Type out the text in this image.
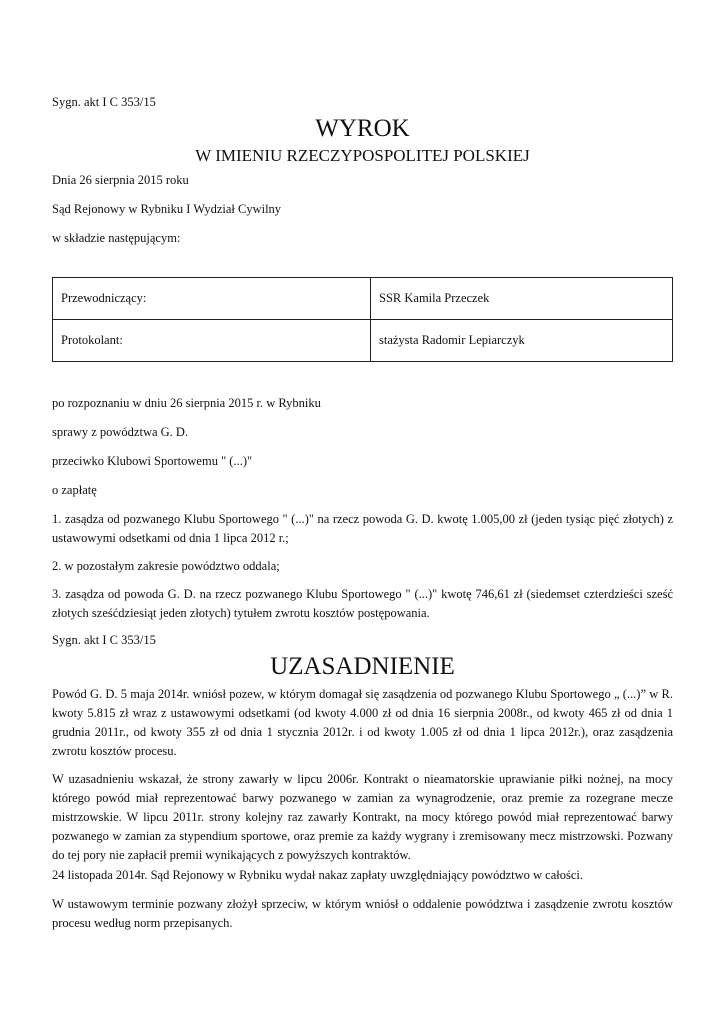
Sygn. akt I C 353/15
WYROK
W IMIENIU RZECZYPOSPOLITEJ POLSKIEJ
Dnia 26 sierpnia 2015 roku
Sąd Rejonowy w Rybniku I Wydział Cywilny
w składzie następującym:
Przewodniczący:	SSR Kamila Przeczek
Protokolant:	stażysta Radomir Lepiarczyk
po rozpoznaniu w dniu 26 sierpnia 2015 r. w Rybniku
sprawy z powództwa G. D.
przeciwko Klubowi Sportowemu " (...)"
o zapłatę
1. zasądza od pozwanego Klubu Sportowego " (...)" na rzecz powoda G. D. kwotę 1.005,00 zł (jeden tysiąc pięć złotych) z ustawowymi odsetkami od dnia 1 lipca 2012 r.;
2. w pozostałym zakresie powództwo oddala;
3. zasądza od powoda G. D. na rzecz pozwanego Klubu Sportowego " (...)" kwotę 746,61 zł (siedemset czterdzieści sześć złotych sześćdziesiąt jeden złotych) tytułem zwrotu kosztów postępowania.
Sygn. akt I C 353/15
UZASADNIENIE
Powód G. D. 5 maja 2014r. wniósł pozew, w którym domagał się zasądzenia od pozwanego Klubu Sportowego „ (...)” w R. kwoty 5.815 zł wraz z ustawowymi odsetkami (od kwoty 4.000 zł od dnia 16 sierpnia 2008r., od kwoty 465 zł od dnia 1 grudnia 2011r., od kwoty 355 zł od dnia 1 stycznia 2012r. i od kwoty 1.005 zł od dnia 1 lipca 2012r.), oraz zasądzenia zwrotu kosztów procesu.
W uzasadnieniu wskazał, że strony zawarły w lipcu 2006r. Kontrakt o nieamatorskie uprawianie piłki nożnej, na mocy którego powód miał reprezentować barwy pozwanego w zamian za wynagrodzenie, oraz premie za rozegrane mecze mistrzowskie. W lipcu 2011r. strony kolejny raz zawarły Kontrakt, na mocy którego powód miał reprezentować barwy pozwanego w zamian za stypendium sportowe, oraz premie za każdy wygrany i zremisowany mecz mistrzowski. Pozwany do tej pory nie zapłacił premii wynikających z powyższych kontraktów.
24 listopada 2014r. Sąd Rejonowy w Rybniku wydał nakaz zapłaty uwzględniający powództwo w całości.
W ustawowym terminie pozwany złożył sprzeciw, w którym wniósł o oddalenie powództwa i zasądzenie zwrotu kosztów procesu według norm przepisanych.
